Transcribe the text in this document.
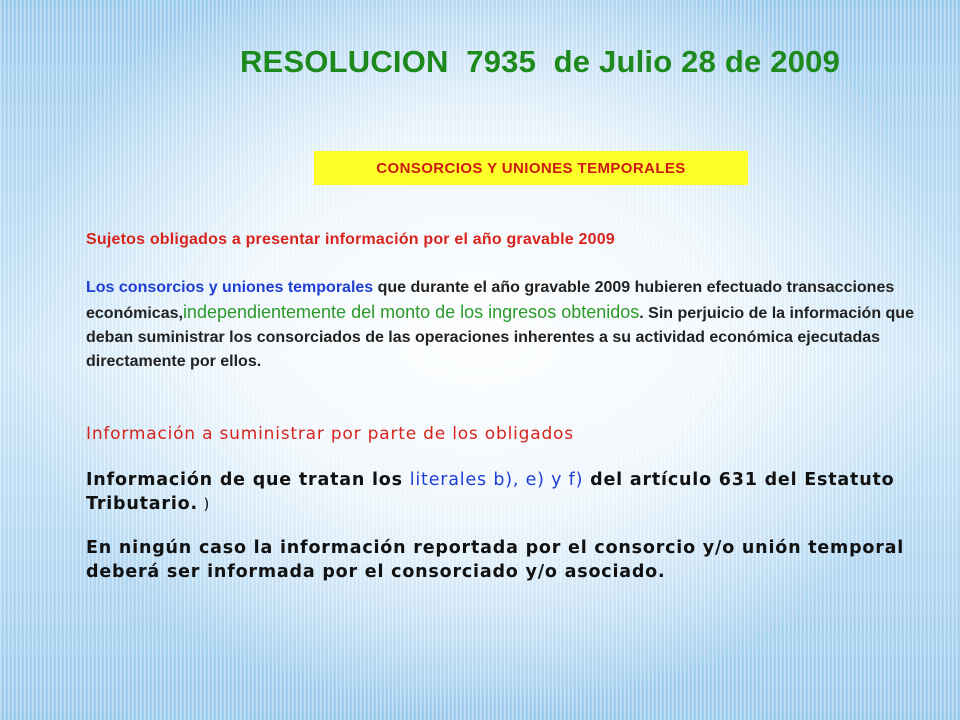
RESOLUCION  7935  de Julio 28 de 2009
CONSORCIOS Y UNIONES TEMPORALES
Sujetos obligados a presentar información por el año gravable 2009
Los consorcios y uniones temporales que durante el año gravable 2009 hubieren efectuado transacciones económicas,independientemente del monto de los ingresos obtenidos. Sin perjuicio de la información que deban suministrar los consorciados de las operaciones inherentes a su actividad económica ejecutadas directamente por ellos.
Información a suministrar por parte de los obligados
Información de que tratan los literales b), e) y f) del artículo 631 del Estatuto Tributario. )
En ningún caso la información reportada por el consorcio y/o unión temporal deberá ser informada por el consorciado y/o asociado.
